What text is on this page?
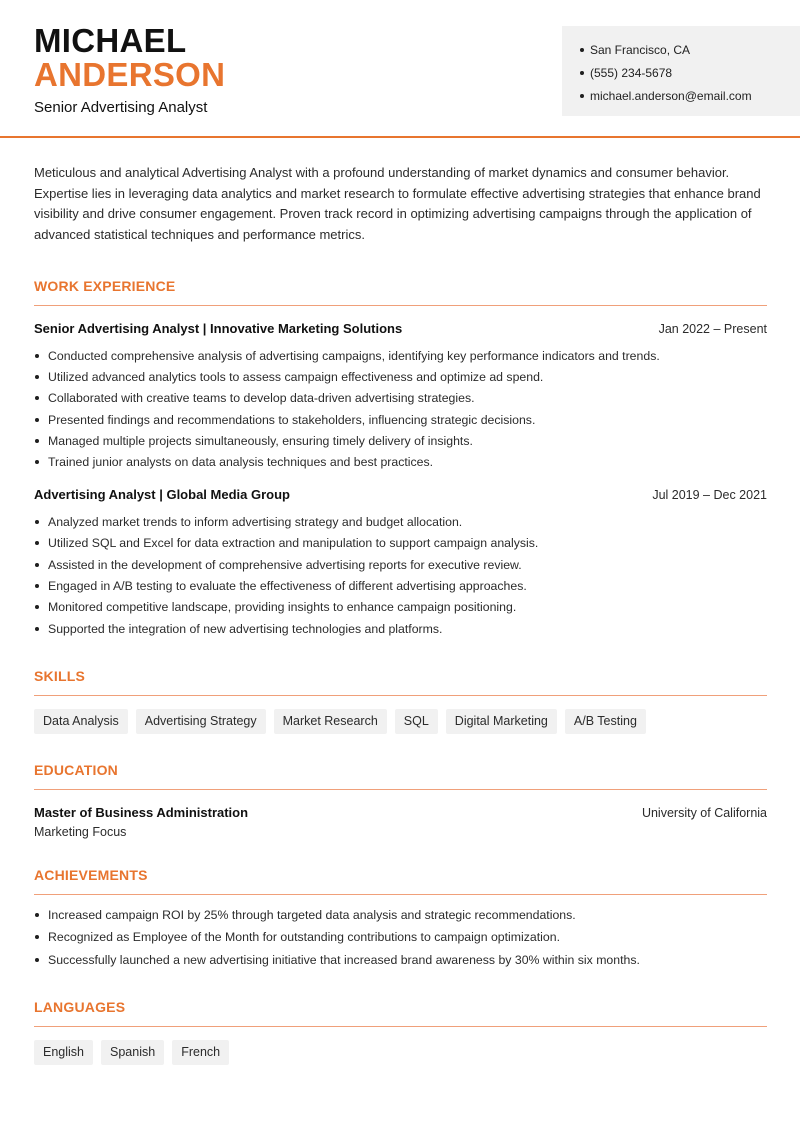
MICHAEL
ANDERSON
Senior Advertising Analyst
San Francisco, CA
(555) 234-5678
michael.anderson@email.com

Meticulous and analytical Advertising Analyst with a profound understanding of market dynamics and consumer behavior. Expertise lies in leveraging data analytics and market research to formulate effective advertising strategies that enhance brand visibility and drive consumer engagement. Proven track record in optimizing advertising campaigns through the application of advanced statistical techniques and performance metrics.

WORK EXPERIENCE
Senior Advertising Analyst | Innovative Marketing Solutions	Jan 2022 – Present
Conducted comprehensive analysis of advertising campaigns, identifying key performance indicators and trends.
Utilized advanced analytics tools to assess campaign effectiveness and optimize ad spend.
Collaborated with creative teams to develop data-driven advertising strategies.
Presented findings and recommendations to stakeholders, influencing strategic decisions.
Managed multiple projects simultaneously, ensuring timely delivery of insights.
Trained junior analysts on data analysis techniques and best practices.
Advertising Analyst | Global Media Group	Jul 2019 – Dec 2021
Analyzed market trends to inform advertising strategy and budget allocation.
Utilized SQL and Excel for data extraction and manipulation to support campaign analysis.
Assisted in the development of comprehensive advertising reports for executive review.
Engaged in A/B testing to evaluate the effectiveness of different advertising approaches.
Monitored competitive landscape, providing insights to enhance campaign positioning.
Supported the integration of new advertising technologies and platforms.
SKILLS
Data Analysis	Advertising Strategy	Market Research	SQL	Digital Marketing	A/B Testing
EDUCATION
Master of Business Administration	University of California
Marketing Focus
ACHIEVEMENTS
Increased campaign ROI by 25% through targeted data analysis and strategic recommendations.
Recognized as Employee of the Month for outstanding contributions to campaign optimization.
Successfully launched a new advertising initiative that increased brand awareness by 30% within six months.
LANGUAGES
English	Spanish	French
